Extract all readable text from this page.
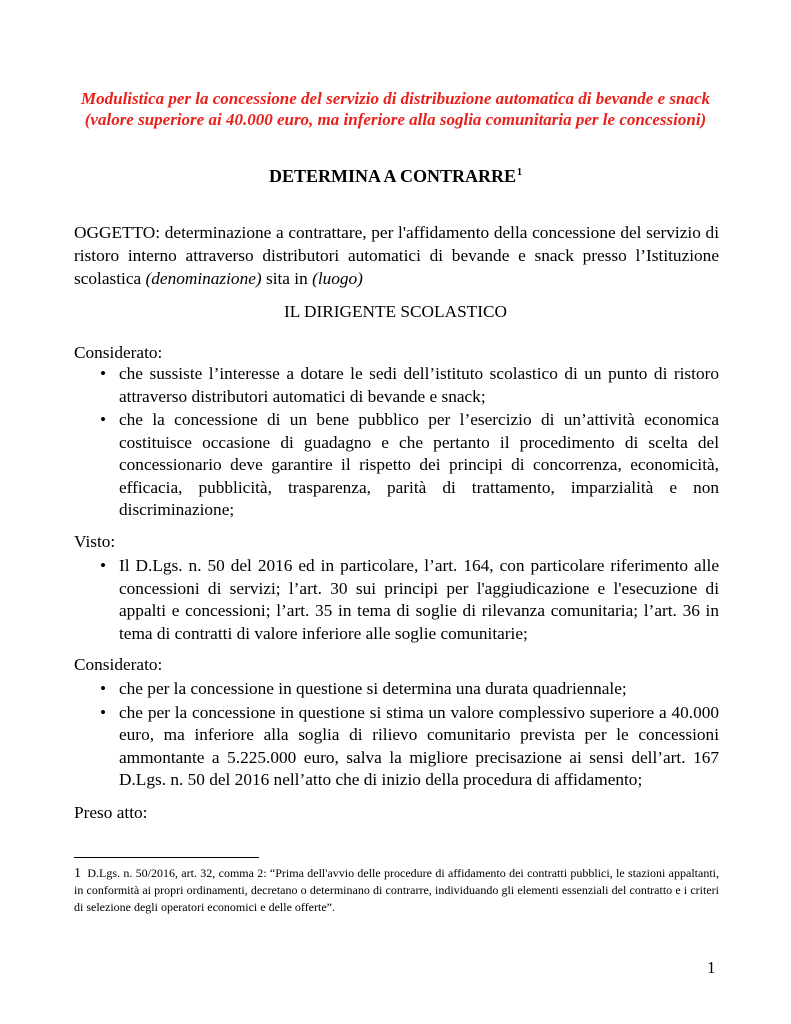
Modulistica per la concessione del servizio di distribuzione automatica di bevande e snack
(valore superiore ai 40.000 euro, ma inferiore alla soglia comunitaria per le concessioni)
DETERMINA A CONTRARRE$^1$
OGGETTO: determinazione a contrattare, per l'affidamento della concessione del servizio di ristoro interno attraverso distributori automatici di bevande e snack presso l’Istituzione scolastica (denominazione) sita in (luogo)
IL DIRIGENTE SCOLASTICO
Considerato:
• che sussiste l’interesse a dotare le sedi dell’istituto scolastico di un punto di ristoro attraverso distributori automatici di bevande e snack;
• che la concessione di un bene pubblico per l’esercizio di un’attività economica costituisce occasione di guadagno e che pertanto il procedimento di scelta del concessionario deve garantire il rispetto dei principi di concorrenza, economicità, efficacia, pubblicità, trasparenza, parità di trattamento, imparzialità e non discriminazione;
Visto:
• Il D.Lgs. n. 50 del 2016 ed in particolare, l’art. 164, con particolare riferimento alle concessioni di servizi; l’art. 30 sui principi per l'aggiudicazione e l'esecuzione di appalti e concessioni; l’art. 35 in tema di soglie di rilevanza comunitaria; l’art. 36 in tema di contratti di valore inferiore alle soglie comunitarie;
Considerato:
• che per la concessione in questione si determina una durata quadriennale;
• che per la concessione in questione si stima un valore complessivo superiore a 40.000 euro, ma inferiore alla soglia di rilievo comunitario prevista per le concessioni ammontante a 5.225.000 euro, salva la migliore precisazione ai sensi dell’art. 167 D.Lgs. n. 50 del 2016 nell’atto che di inizio della procedura di affidamento;
Preso atto:
1 D.Lgs. n. 50/2016, art. 32, comma 2: “Prima dell'avvio delle procedure di affidamento dei contratti pubblici, le stazioni appaltanti, in conformità ai propri ordinamenti, decretano o determinano di contrarre, individuando gli elementi essenziali del contratto e i criteri di selezione degli operatori economici e delle offerte”.
1
